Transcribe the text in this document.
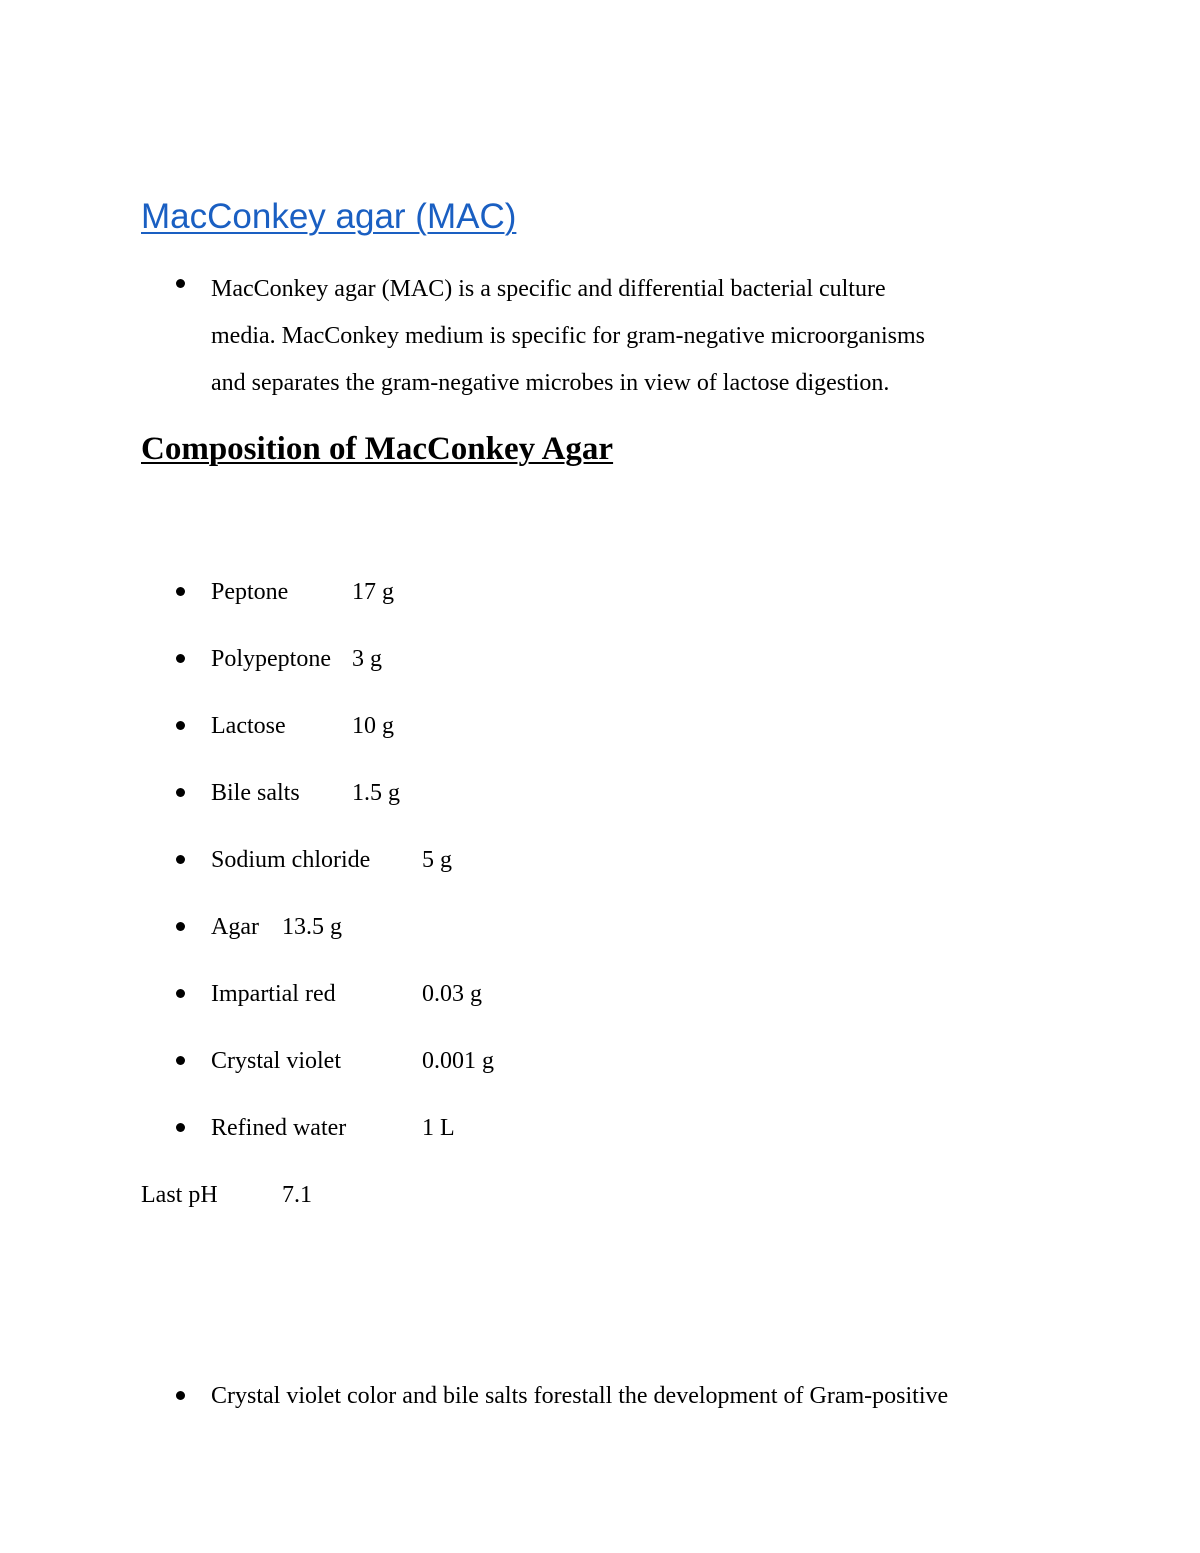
MacConkey agar (MAC)
MacConkey agar (MAC) is a specific and differential bacterial culture
media. MacConkey medium is specific for gram-negative microorganisms
and separates the gram-negative microbes in view of lactose digestion.
Composition of MacConkey Agar
Peptone	17 g
Polypeptone 3 g
Lactose	10 g
Bile salts 1.5 g
Sodium chloride 5 g
Agar 13.5 g
Impartial red	0.03 g
Crystal violet	0.001 g
Refined water	1 L
Last pH	7.1
Crystal violet color and bile salts forestall the development of Gram-positive
